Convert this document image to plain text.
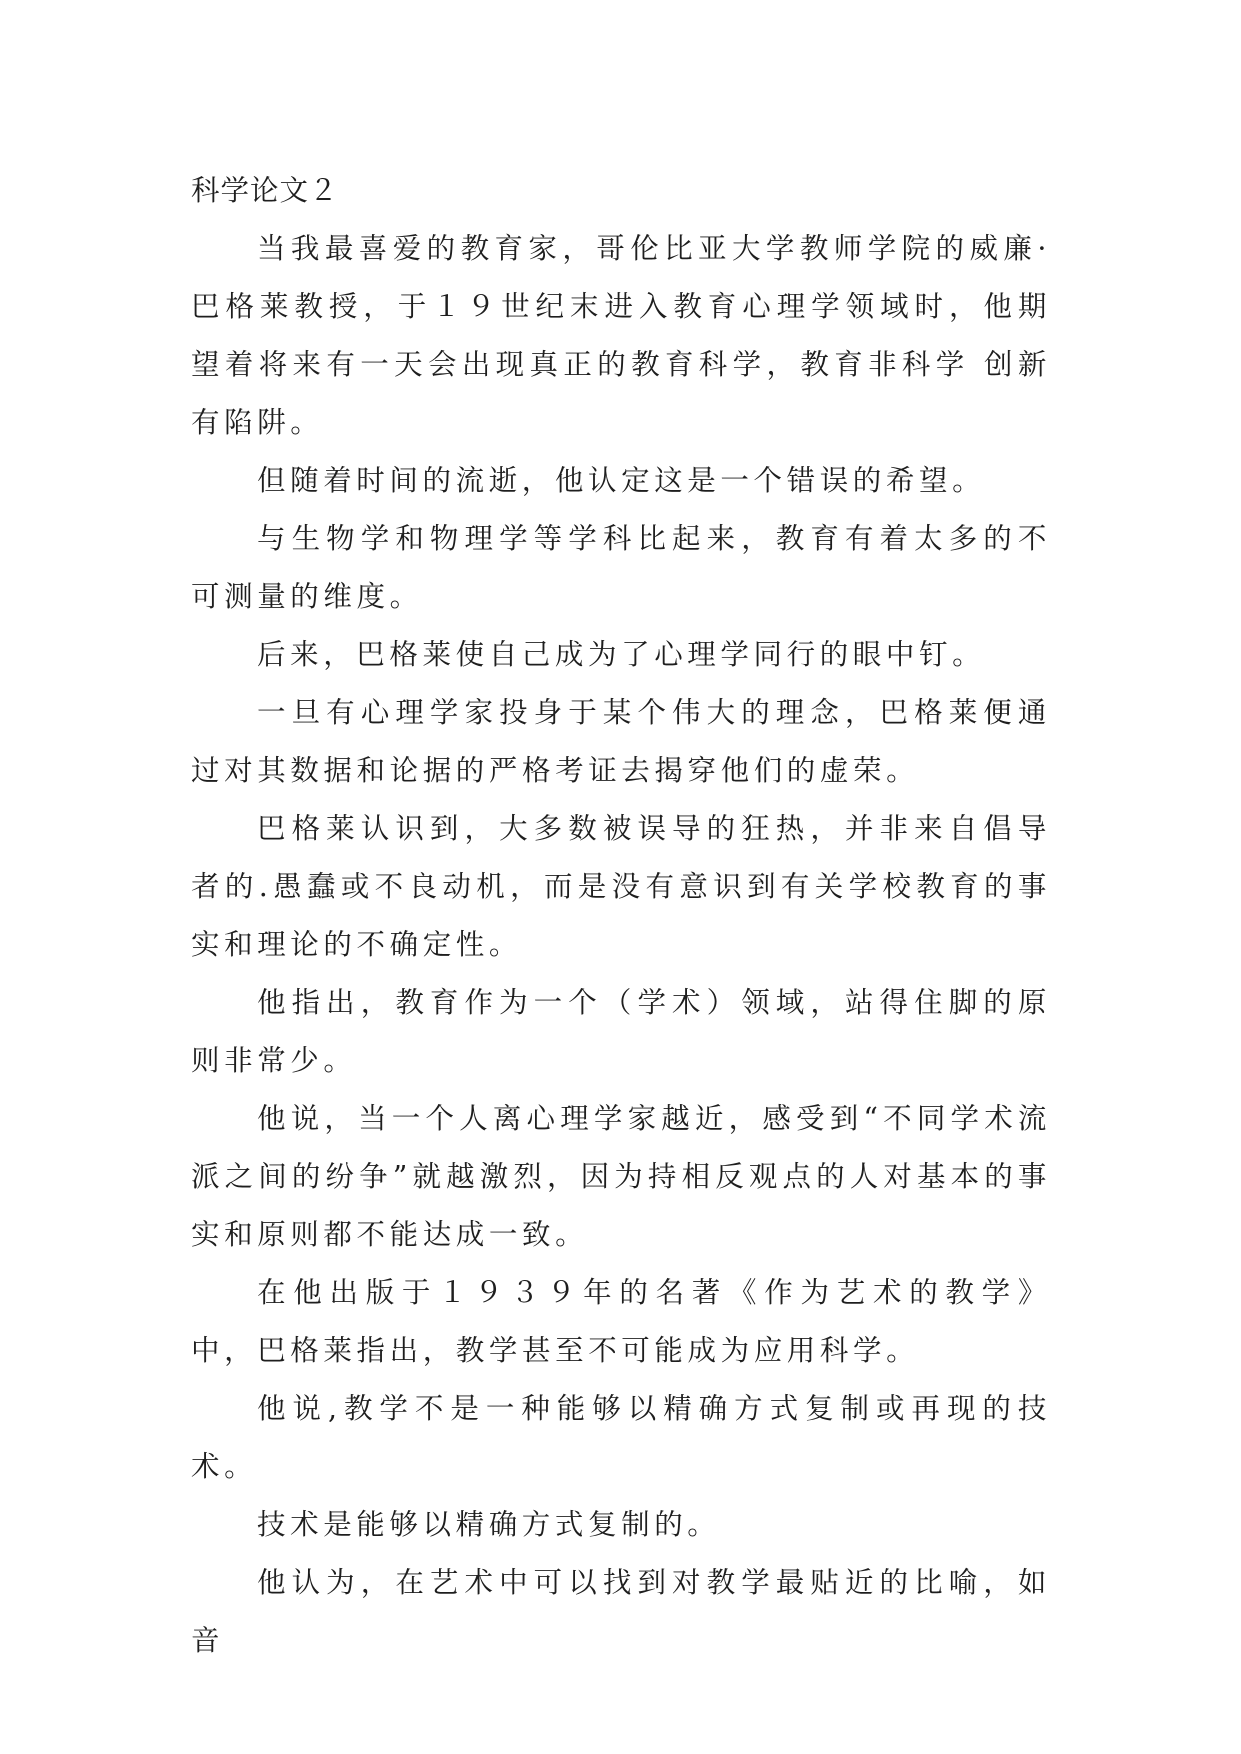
科学论文２

当我最喜爱的教育家，哥伦比亚大学教师学院的威廉·巴格莱教授，于１９世纪末进入教育心理学领域时，他期望着将来有一天会出现真正的教育科学，教育非科学 创新有陷阱。

但随着时间的流逝，他认定这是一个错误的希望。

与生物学和物理学等学科比起来，教育有着太多的不可测量的维度。

后来，巴格莱使自己成为了心理学同行的眼中钉。

一旦有心理学家投身于某个伟大的理念，巴格莱便通过对其数据和论据的严格考证去揭穿他们的虚荣。

巴格莱认识到，大多数被误导的狂热，并非来自倡导者的.愚蠢或不良动机，而是没有意识到有关学校教育的事实和理论的不确定性。

他指出，教育作为一个（学术）领域，站得住脚的原则非常少。

他说，当一个人离心理学家越近，感受到“不同学术流派之间的纷争”就越激烈，因为持相反观点的人对基本的事实和原则都不能达成一致。

在他出版于１９３９年的名著《作为艺术的教学》中，巴格莱指出，教学甚至不可能成为应用科学。

他说,教学不是一种能够以精确方式复制或再现的技术。

技术是能够以精确方式复制的。

他认为，在艺术中可以找到对教学最贴近的比喻，如音
